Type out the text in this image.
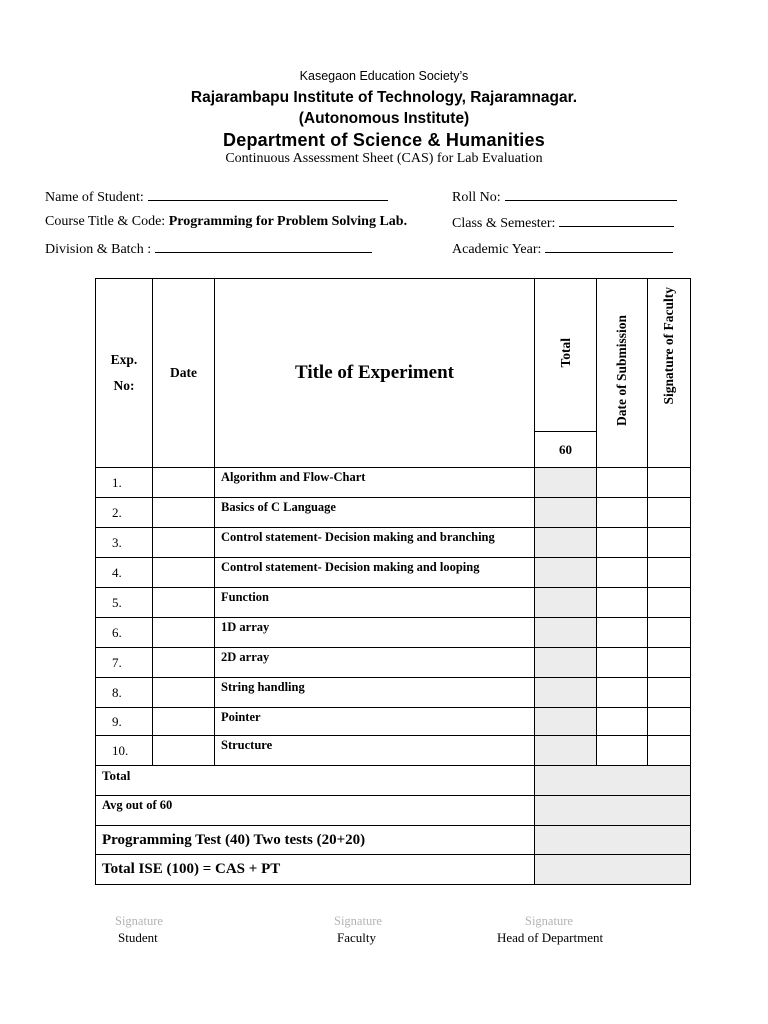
Kasegaon Education Society’s
Rajarambapu Institute of Technology, Rajaramnagar.
(Autonomous Institute)
Department of Science & Humanities
Continuous Assessment Sheet (CAS) for Lab Evaluation
Name of Student:	Roll No:
Course Title & Code: Programming for Problem Solving Lab.	Class & Semester:
Division & Batch :	Academic Year:
Exp.
No:	Date	Title of Experiment	Total	Date of Submission	Signature of Faculty
			60		
1.		Algorithm and Flow-Chart			
2.		Basics of C Language			
3.		Control statement- Decision making and branching			
4.		Control statement- Decision making and looping			
5.		Function			
6.		1D array			
7.		2D array			
8.		String handling			
9.		Pointer			
10.		Structure			
Total					
Avg out of 60					
Programming Test (40) Two tests (20+20)					
Total ISE (100) = CAS + PT					
Signature
Student
Signature
Faculty
Signature
Head of Department
